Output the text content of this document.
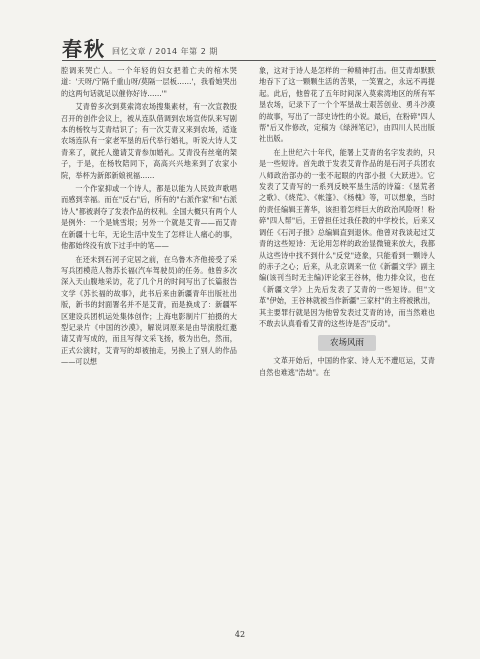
春秋 回忆文章 / 2014 年第 2 期

腔调来哭亡人。一个年轻的妇女把着亡夫的棺木哭道：'天呀/宁隔千重山呀/莫隔一层板……'，我看她哭出的这两句话就足以催你好诗……'"

艾青曾多次到莫索湾农场搜集素材，有一次宣教股召开的创作会议上，被从连队借调到农场宣传队来写剧本的杨牧与艾青结识了；有一次艾青又来到农场，适逢农场连队有一家老军垦的后代举行婚礼，听说大诗人艾青来了，就托人邀请艾青参加婚礼。艾青没有丝毫的架子，于是，在杨牧陪同下，高高兴兴地来到了农家小院，举杯为新郎新娘祝福……

一个作家抑或一个诗人，都是以能为人民致声歌唱而感到幸福。而在"反右"后，所有的"右派作家"和"右派诗人"都被剥夺了发表作品的权利。全国大概只有两个人是例外：一个是姚雪垠；另外一个就是艾青——而艾青在新疆十七年，无论生活中发生了怎样让人痛心的事，他都始终没有放下过手中的笔——

在还未到石河子定居之前，在乌鲁木齐他接受了采写兵团模范人物苏长福(汽车驾驶员)的任务。他曾多次深入天山腹地采访，花了几个月的时间写出了长篇报告文学《苏长福的故事》，此书后来由新疆青年出版社出版，新书的封面署名并不是艾青，而是换成了：新疆军区建设兵团机运处集体创作；上海电影制片厂拍摄的大型记录片《中国的沙漠》，解说词原来是由导演殷红邀请艾青写成的，而且写得文采飞扬，极为出色，然而，正式公演时，艾青写的却被抽走，另换上了别人的作品——可以想

象，这对于诗人是怎样的一种精神打击。但艾青却默默地吞下了这一颗颗生活的苦果，一笑置之，永远不再提起。此后，他曾花了五年时间深入莫索湾地区的所有军垦农场，记录下了一个个军垦战士艰苦创业、勇斗沙漠的故事，写出了一部史诗性的小说。最后，在粉碎"四人帮"后又作修改，定稿为《绿洲笔记》，由四川人民出版社出版。

在上世纪六十年代，能署上艾青的名字发表的，只是一些短诗。首先敢于发表艾青作品的是石河子兵团农八师政治部办的一张不起眼的内部小报《大跃进》。它发表了艾青写的一系列反映军垦生活的诗篇：《垦荒者之歌》、《烧荒》、《帐篷》、《杨槐》等，可以想象，当时的责任编辑王菁华，该担着怎样巨大的政治风险呀！粉碎"四人帮"后，王曾担任过我任教的中学校长，后来又调任《石河子报》总编辑直到退休。他曾对我谈起过艾青的这些短诗：无论用怎样的政治显微镜来放大，我都从这些诗中找不到什么"反党"迹象，只能看到一颗诗人的赤子之心；后来，从北京调来一位《新疆文学》副主编(该刊当时无主编)评论家王谷林，他力排众议，也在《新疆文学》上先后发表了艾青的一些短诗。但"文革"伊始，王谷林就被当作新疆"三家村"的主将被揪出，其主要罪行就是因为他曾发表过艾青的诗，而当然难也不敢去认真看看艾青的这些诗是否"反动"。

农场风雨

文革开始后，中国的作家、诗人无不遭厄运，艾青自然也难逃"浩劫"。在

42
